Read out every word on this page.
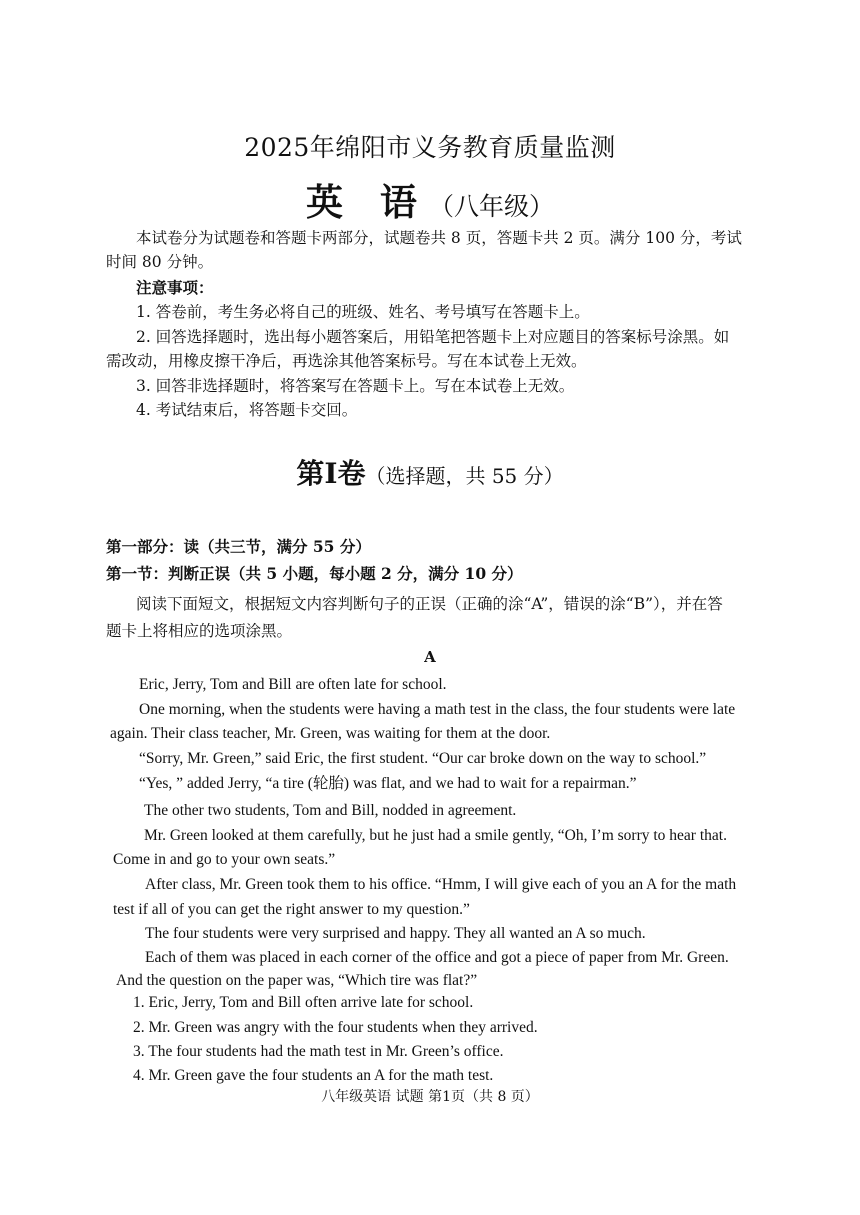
2025年绵阳市义务教育质量监测
英 语（八年级）
本试卷分为试题卷和答题卡两部分，试题卷共 8 页，答题卡共 2 页。满分 100 分，考试
时间 80 分钟。
注意事项：
1. 答卷前，考生务必将自己的班级、姓名、考号填写在答题卡上。
2. 回答选择题时，选出每小题答案后，用铅笔把答题卡上对应题目的答案标号涂黑。如
需改动，用橡皮擦干净后，再选涂其他答案标号。写在本试卷上无效。
3. 回答非选择题时，将答案写在答题卡上。写在本试卷上无效。
4. 考试结束后，将答题卡交回。
第I卷（选择题，共 55 分）
第一部分：读（共三节，满分 55 分）
第一节：判断正误（共 5 小题，每小题 2 分，满分 10 分）
阅读下面短文，根据短文内容判断句子的正误（正确的涂“A”，错误的涂“B”），并在答
题卡上将相应的选项涂黑。
A
Eric, Jerry, Tom and Bill are often late for school.
One morning, when the students were having a math test in the class, the four students were late
again. Their class teacher, Mr. Green, was waiting for them at the door.
“Sorry, Mr. Green,” said Eric, the first student. “Our car broke down on the way to school.”
“Yes, ” added Jerry, “a tire (轮胎) was flat, and we had to wait for a repairman.”
The other two students, Tom and Bill, nodded in agreement.
Mr. Green looked at them carefully, but he just had a smile gently, “Oh, I’m sorry to hear that.
Come in and go to your own seats.”
After class, Mr. Green took them to his office. “Hmm, I will give each of you an A for the math
test if all of you can get the right answer to my question.”
The four students were very surprised and happy. They all wanted an A so much.
Each of them was placed in each corner of the office and got a piece of paper from Mr. Green.
And the question on the paper was, “Which tire was flat?”
1. Eric, Jerry, Tom and Bill often arrive late for school.
2. Mr. Green was angry with the four students when they arrived.
3. The four students had the math test in Mr. Green’s office.
4. Mr. Green gave the four students an A for the math test.
八年级英语 试题 第1页（共 8 页）
